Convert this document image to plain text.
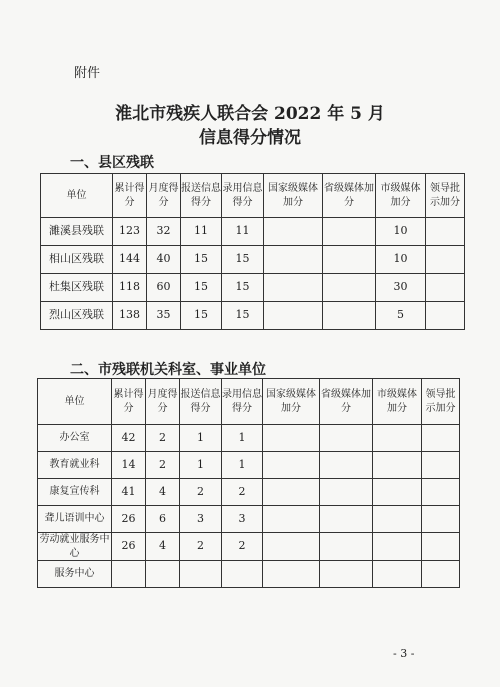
附件
淮北市残疾人联合会 2022 年 5 月
信息得分情况
一、县区残联
单位	累计得分	月度得分	报送信息得分	录用信息得分	国家级媒体加分	省级媒体加分	市级媒体加分	领导批示加分
濉溪县残联	123	32	11	11			10	
相山区残联	144	40	15	15			10	
杜集区残联	118	60	15	15			30	
烈山区残联	138	35	15	15			5	
二、市残联机关科室、事业单位
单位	累计得分	月度得分	报送信息得分	录用信息得分	国家级媒体加分	省级媒体加分	市级媒体加分	领导批示加分
办公室	42	2	1	1				
教育就业科	14	2	1	1				
康复宣传科	41	4	2	2				
聋儿语训中心	26	6	3	3				
劳动就业服务中心	26	4	2	2				
服务中心								
- 3 -
